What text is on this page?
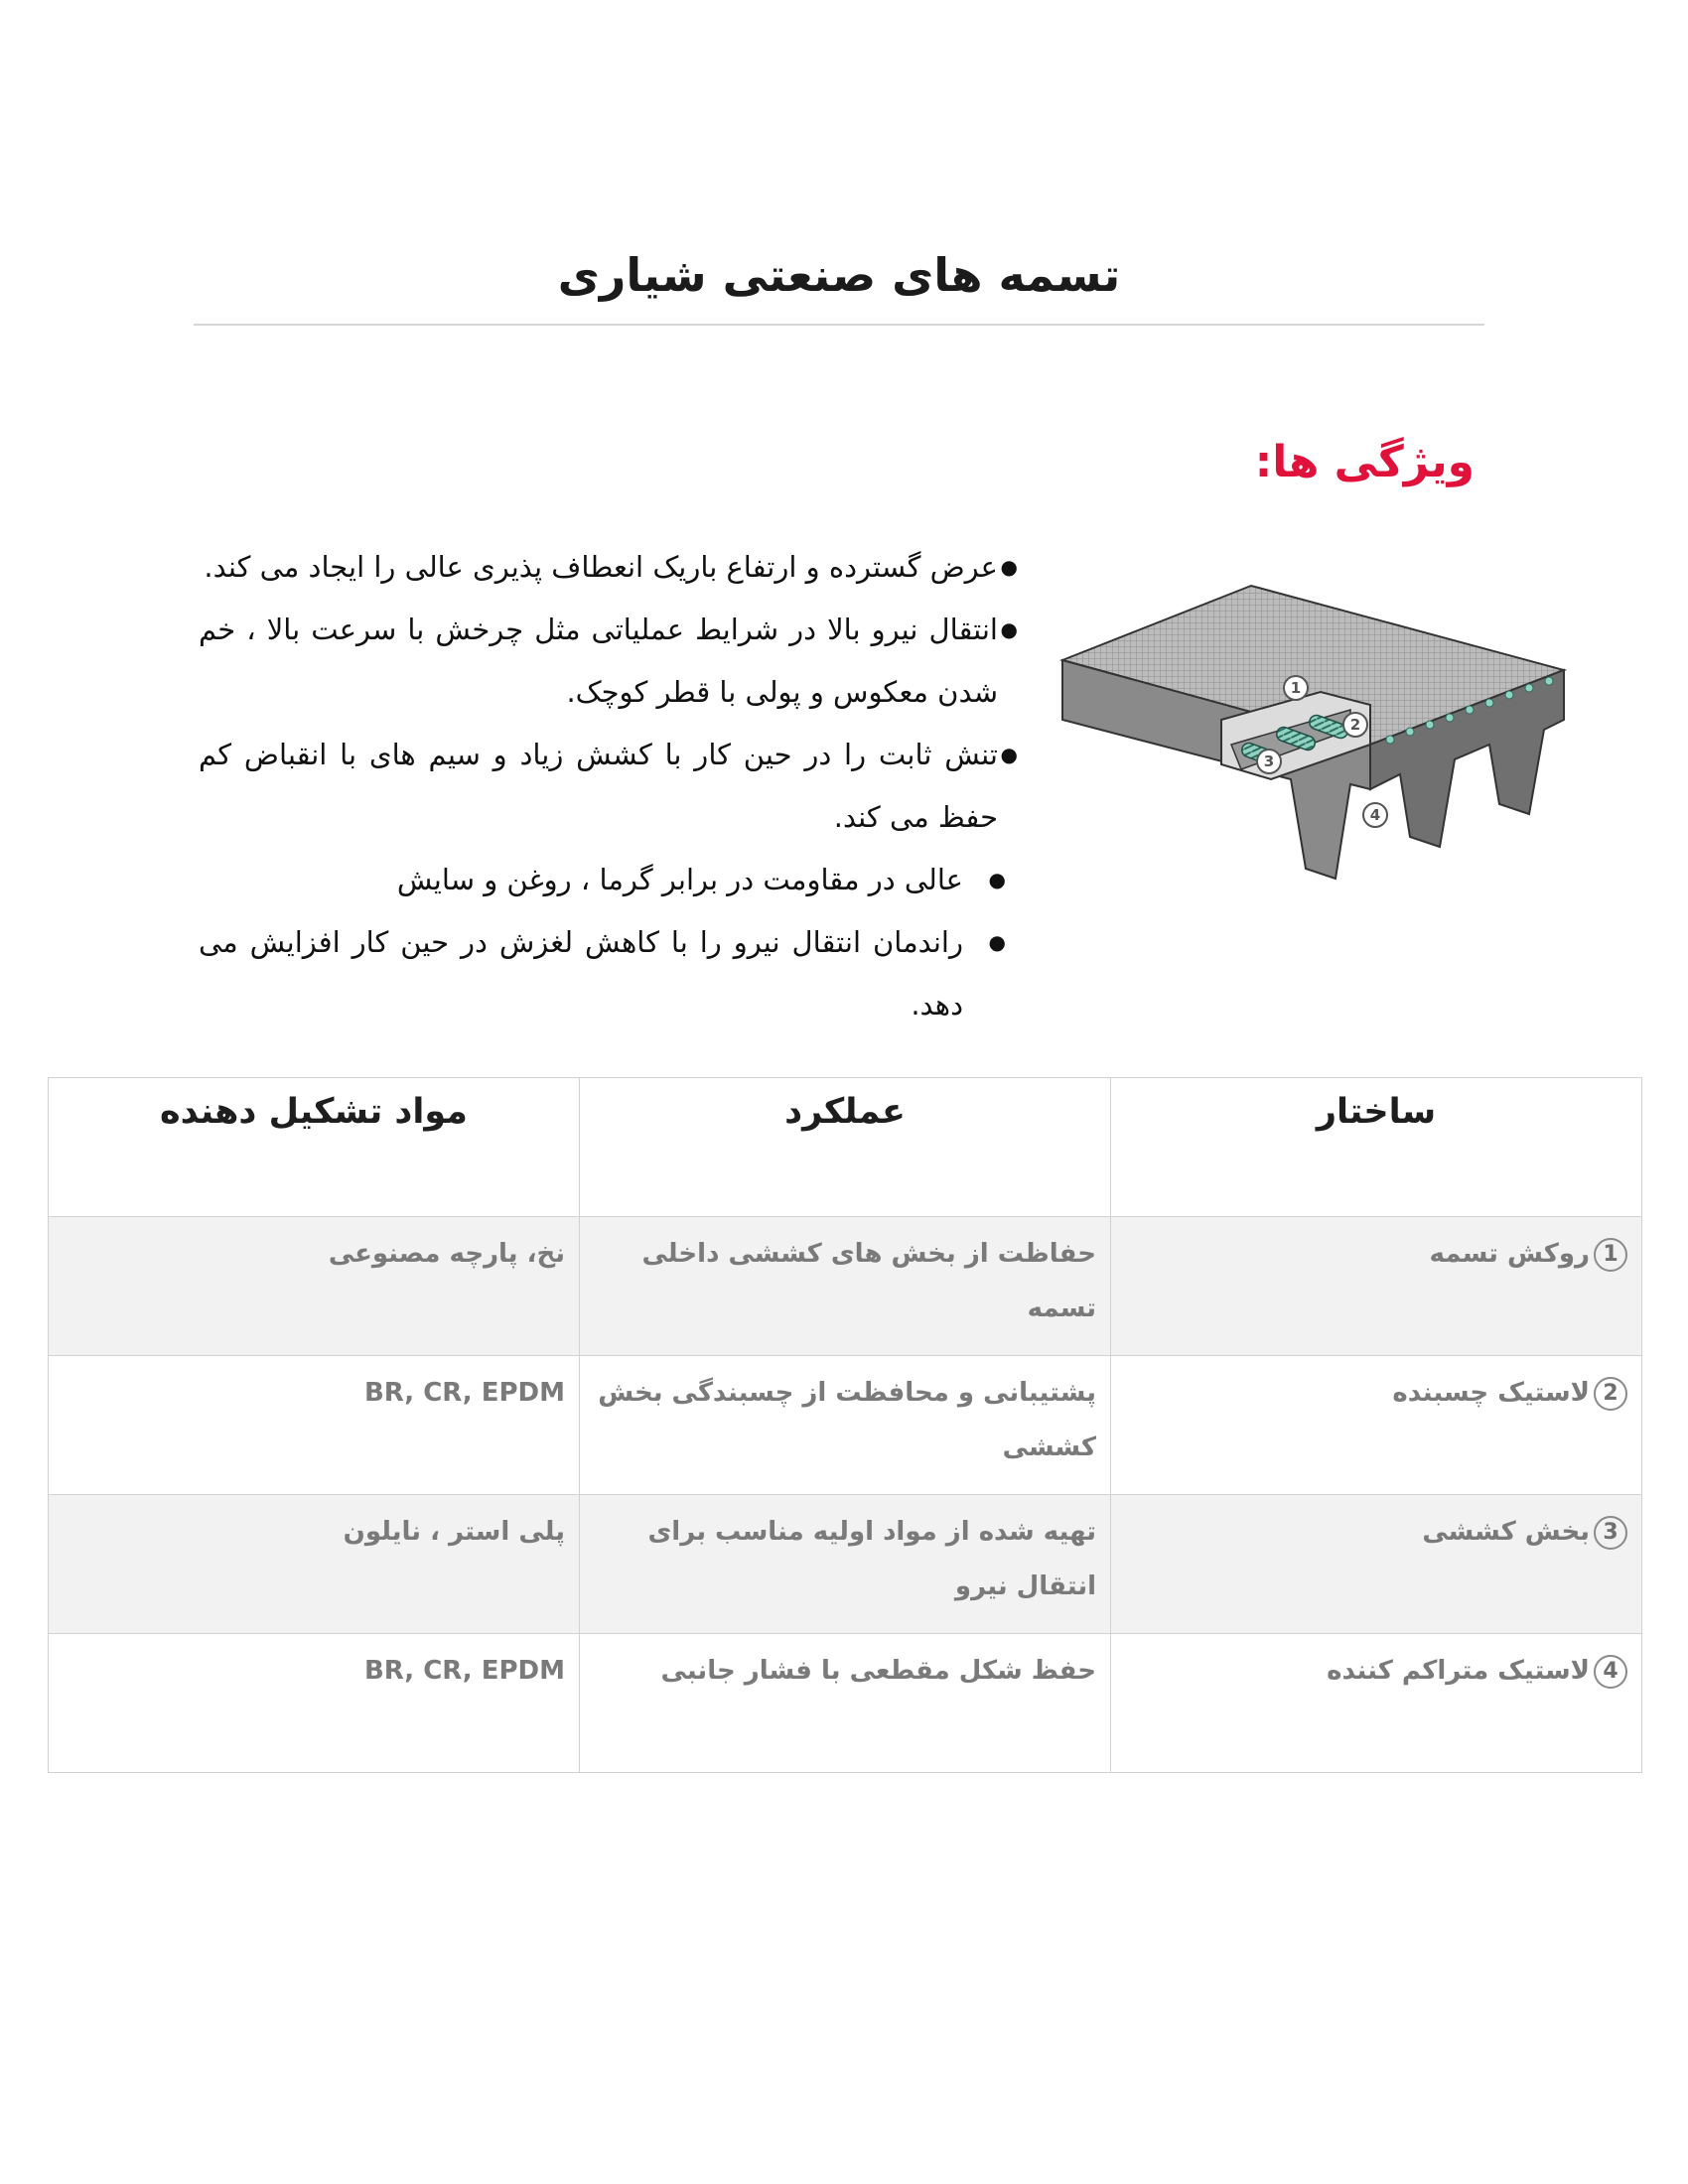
تسمه های صنعتی شیاری
ویژگی ها:
● عرض گسترده و ارتفاع باریک انعطاف پذیری عالی را ایجاد می کند.
● انتقال نیرو بالا در شرایط عملیاتی مثل چرخش با سرعت بالا ، خم شدن معکوس و پولی با قطر کوچک.
● تنش ثابت را در حین کار با کشش زیاد و سیم های با انقباض کم حفظ می کند.
● عالی در مقاومت در برابر گرما ، روغن و سایش
● راندمان انتقال نیرو را با کاهش لغزش در حین کار افزایش می دهد.
1
2
3
4
ساختار	عملکرد	مواد تشکیل دهنده
1روکش تسمه	حفاظت از بخش های کششی داخلی تسمه	نخ، پارچه مصنوعی
2لاستیک چسبنده	پشتیبانی و محافظت از چسبندگی بخش کششی	BR, CR, EPDM
3بخش کششی	تهیه شده از مواد اولیه مناسب برای انتقال نیرو	پلی استر ، نایلون
4لاستیک متراکم کننده	حفظ شکل مقطعی با فشار جانبی	BR, CR, EPDM
